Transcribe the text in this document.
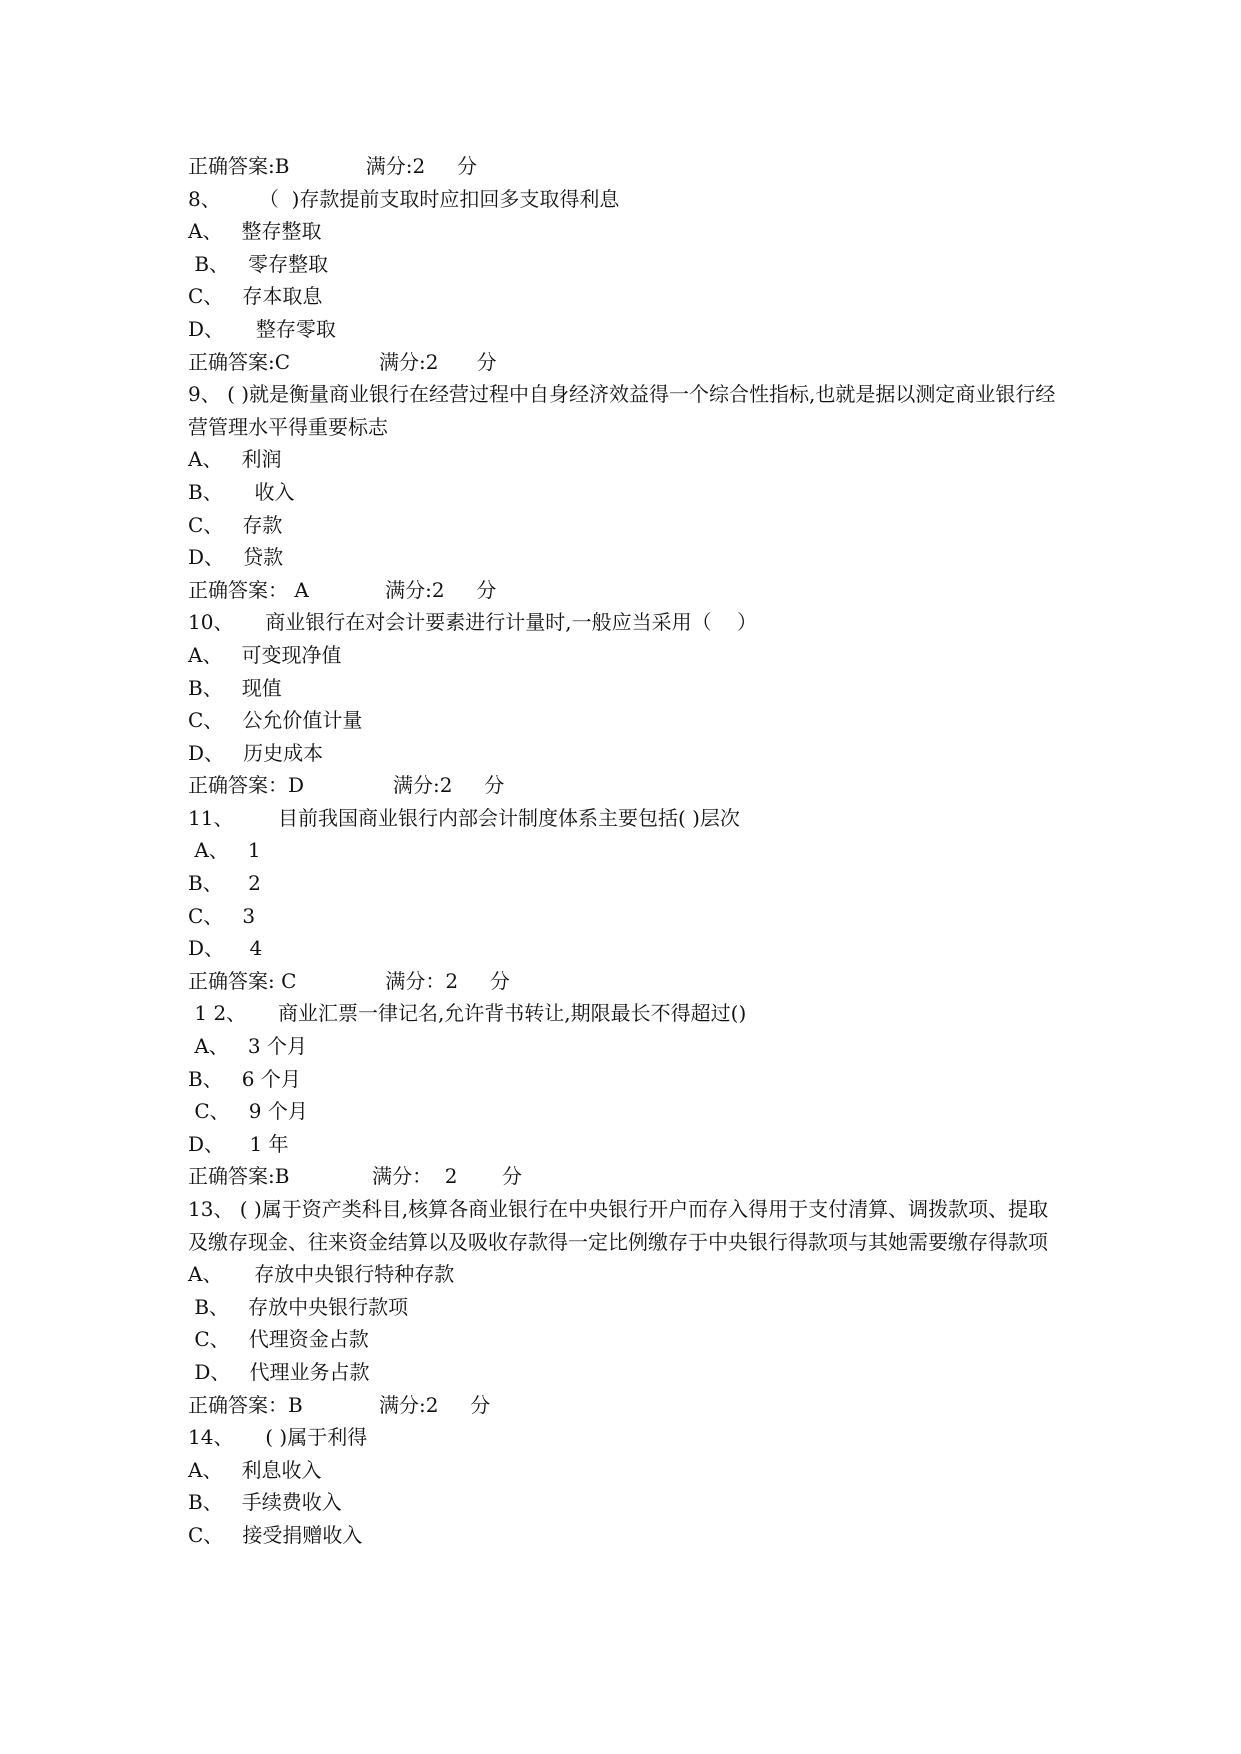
正确答案:B            满分:2     分
8、      （  )存款提前支取时应扣回多支取得利息
A、   整存整取
B、   零存整取
C、   存本取息
D、     整存零取
正确答案:C              满分:2      分
9、 ( )就是衡量商业银行在经营过程中自身经济效益得一个综合性指标,也就是据以测定商业银行经营管理水平得重要标志
A、   利润
B、     收入
C、   存款
D、   贷款
正确答案： A            满分:2     分
10、     商业银行在对会计要素进行计量时,一般应当采用（    ）
A、   可变现净值
B、   现值
C、   公允价值计量
D、   历史成本
正确答案：D              满分:2     分
11、       目前我国商业银行内部会计制度体系主要包括( )层次
A、   1
B、    2
C、   3
D、    4
正确答案: C              满分：2     分
1 2、     商业汇票一律记名,允许背书转让,期限最长不得超过()
A、   3 个月
B、   6 个月
C、   9 个月
D、    1 年
正确答案:B             满分：  2       分
13、 ( )属于资产类科目,核算各商业银行在中央银行开户而存入得用于支付清算、调拨款项、提取及缴存现金、往来资金结算以及吸收存款得一定比例缴存于中央银行得款项与其她需要缴存得款项
A、     存放中央银行特种存款
B、   存放中央银行款项
C、   代理资金占款
D、   代理业务占款
正确答案：B            满分:2     分
14、     ( )属于利得
A、   利息收入
B、   手续费收入
C、   接受捐赠收入
